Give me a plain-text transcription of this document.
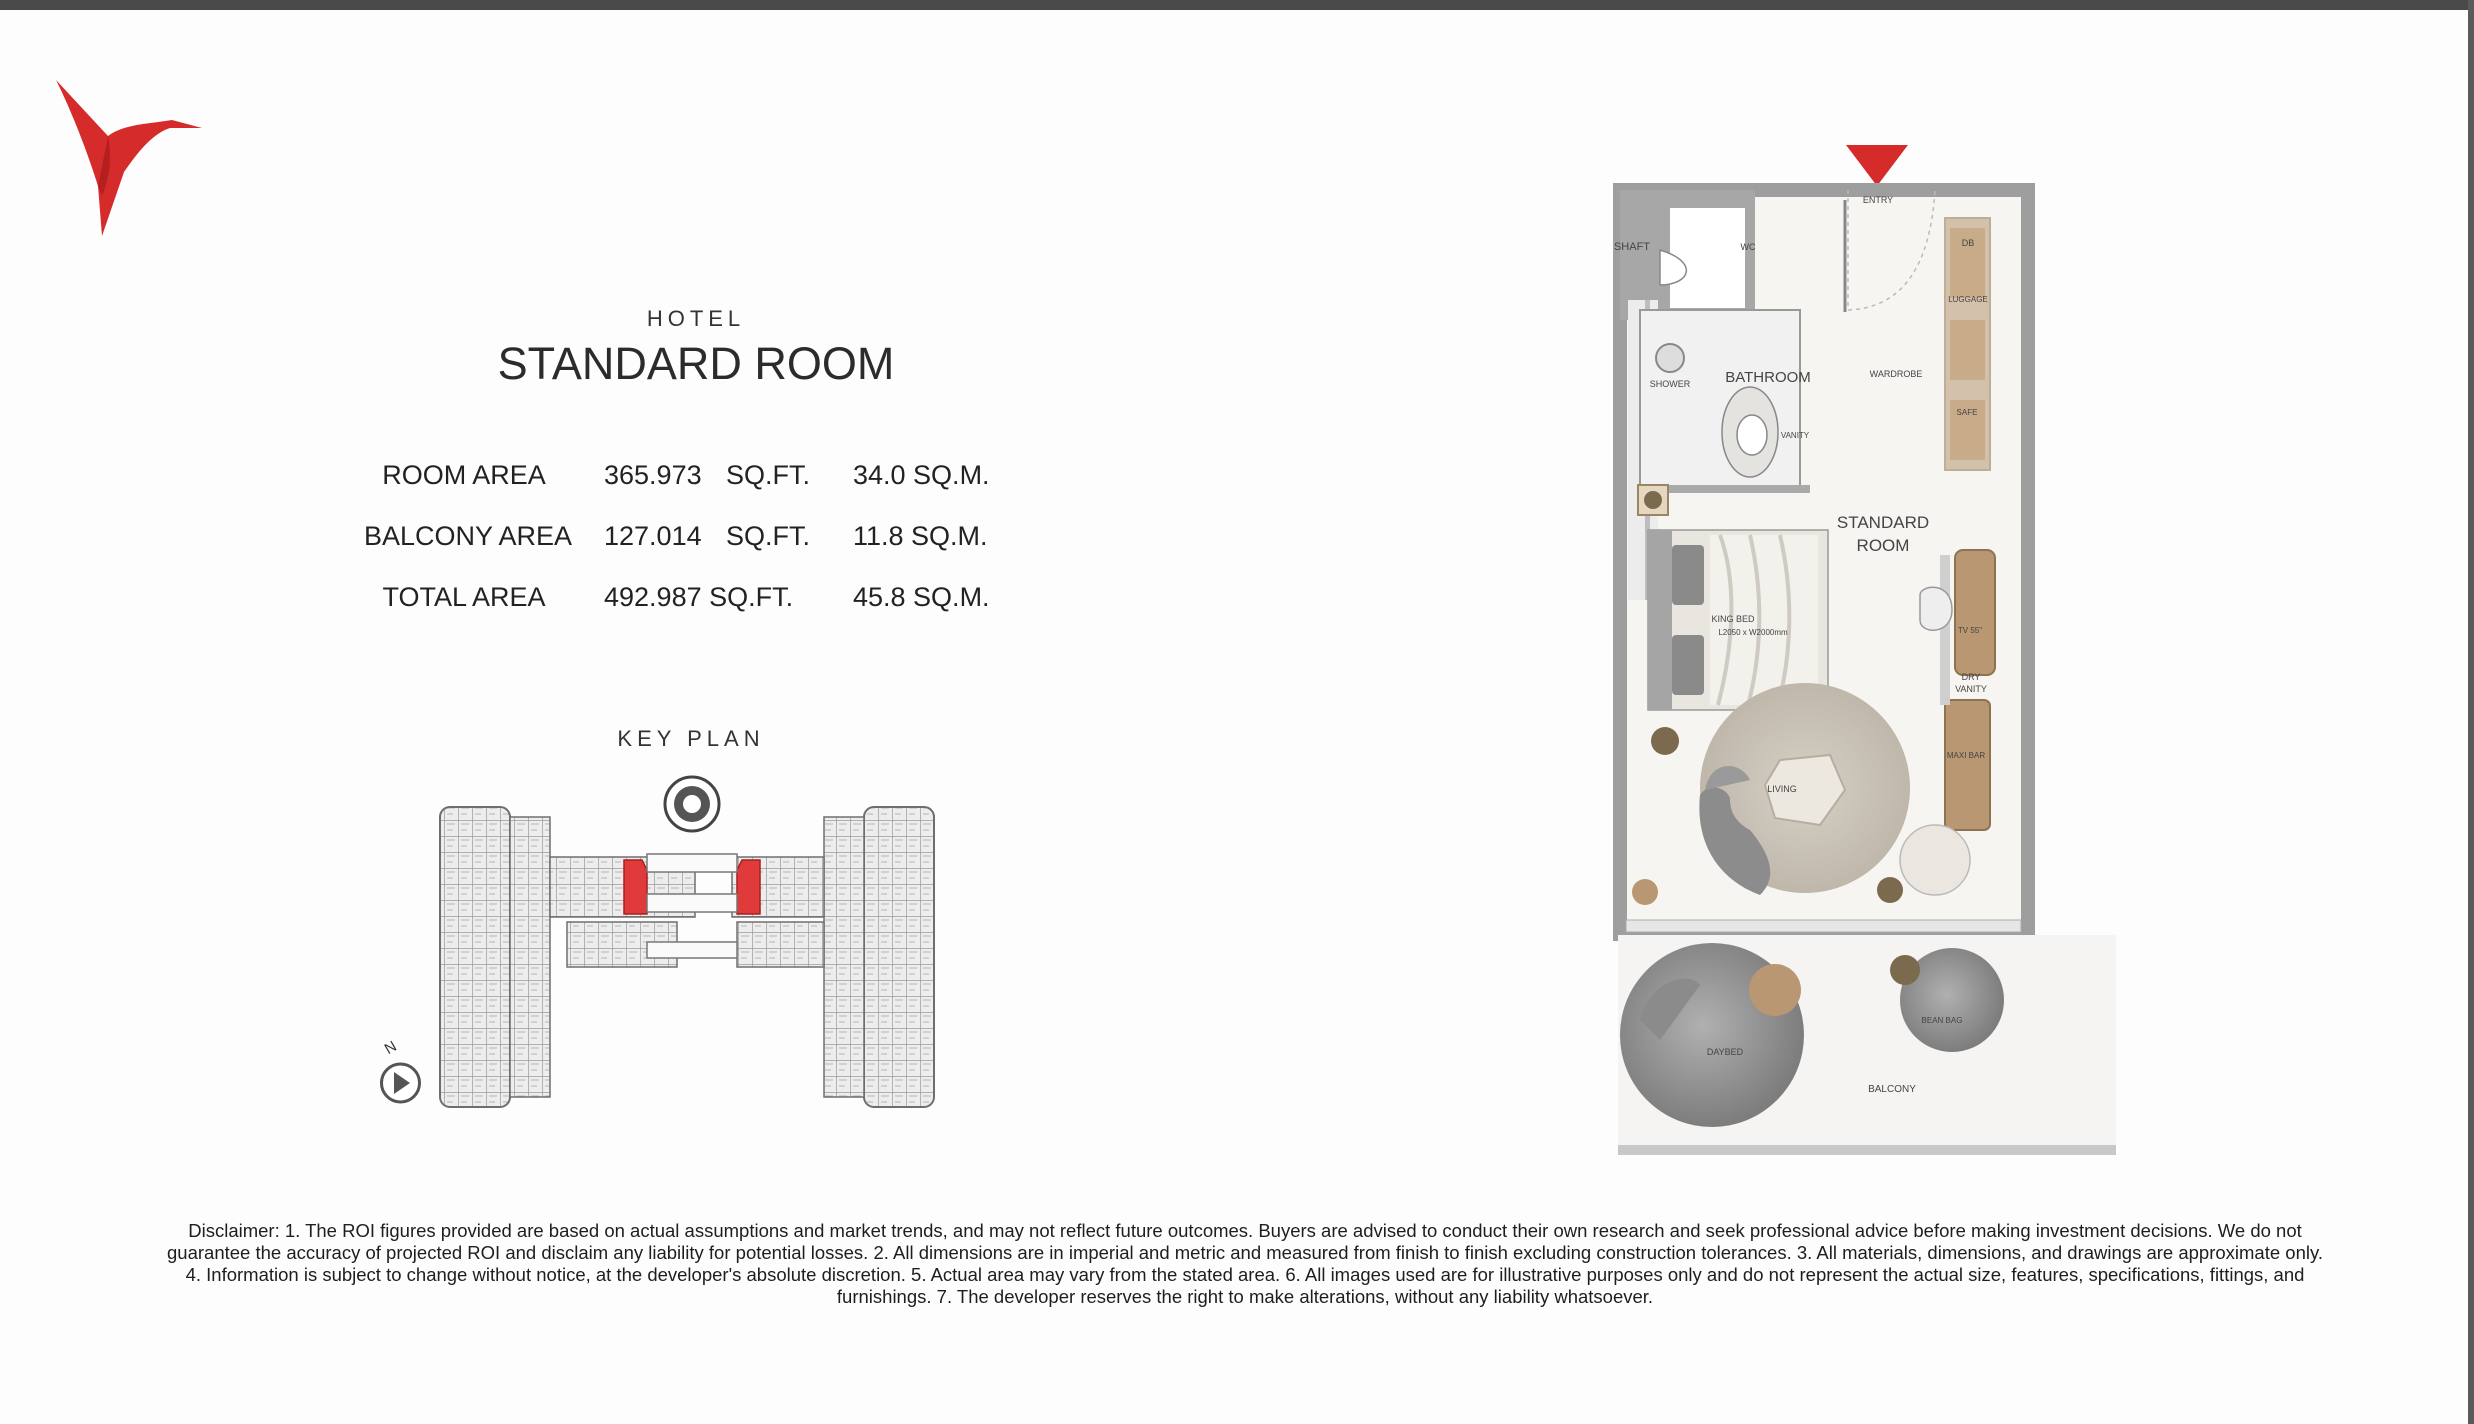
HOTEL
STANDARD ROOM
ROOM AREA	365.973 SQ.FT. 34.0 SQ.M.
BALCONY AREA	127.014 SQ.FT. 11.8 SQ.M.
TOTAL AREA	492.987 SQ.FT. 45.8 SQ.M.
KEY PLAN
N
ENTRY
SHAFT	WC	DB
LUGGAGE
SHOWER BATHROOM	WARDROBE
VANITY
SAFE
STANDARD
ROOM
KING BED
L2050 x W2000mm	TV 55"
DRY
VANITY
LIVING
MAXI BAR
BEAN BAG
DAYBED
BALCONY

Disclaimer: 1. The ROI figures provided are based on actual assumptions and market trends, and may not reflect future outcomes. Buyers are advised to conduct their own research and seek professional advice before making investment decisions. We do not

guarantee the accuracy of projected ROI and disclaim any liability for potential losses. 2. All dimensions are in imperial and metric and measured from finish to finish excluding construction tolerances. 3. All materials, dimensions, and drawings are approximate only.

4. Information is subject to change without notice, at the developer's absolute discretion. 5. Actual area may vary from the stated area. 6. All images used are for illustrative purposes only and do not represent the actual size, features, specifications, fittings, and

furnishings. 7. The developer reserves the right to make alterations, without any liability whatsoever.
